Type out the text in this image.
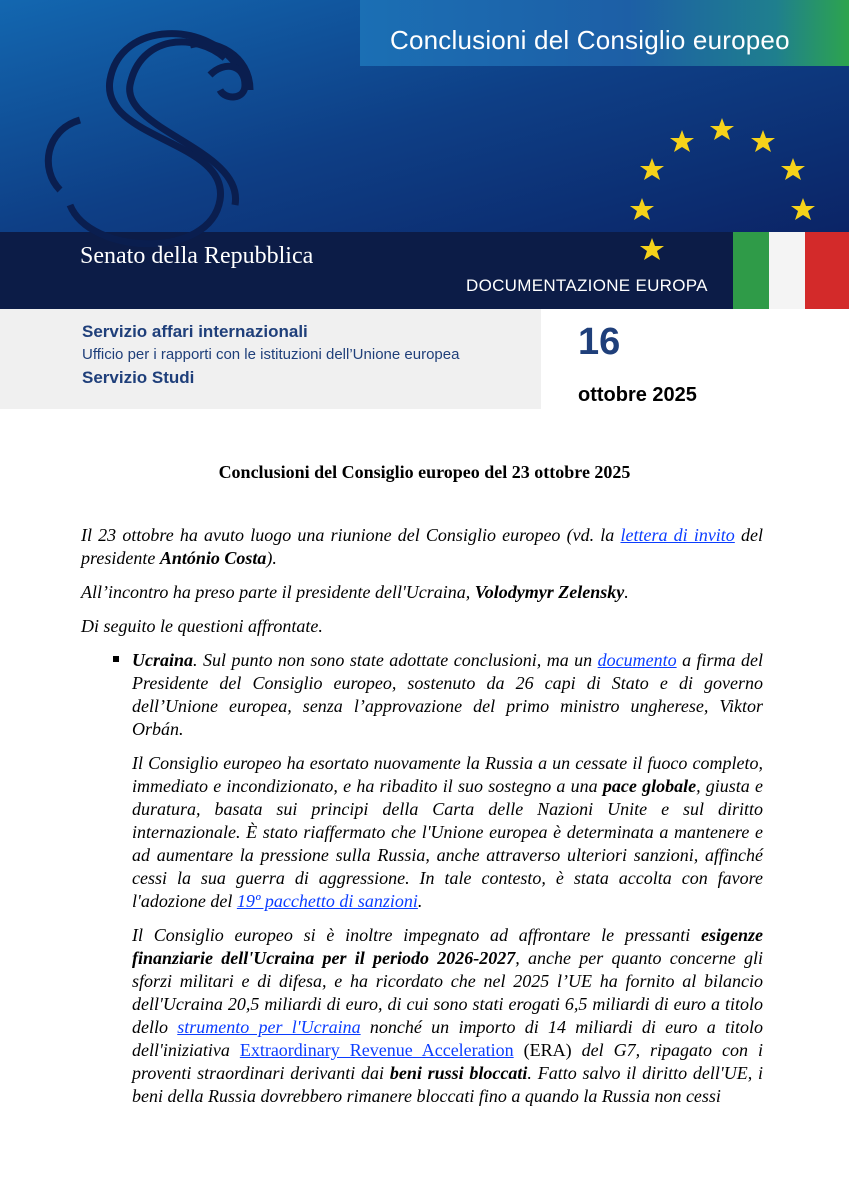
Conclusioni del Consiglio europeo
Senato della Repubblica
DOCUMENTAZIONE EUROPA
Servizio affari internazionali
Ufficio per i rapporti con le istituzioni dell’Unione europea
Servizio Studi
16
ottobre 2025
Conclusioni del Consiglio europeo del 23 ottobre 2025

Il 23 ottobre ha avuto luogo una riunione del Consiglio europeo (vd. la lettera di invito del presidente António Costa).

All’incontro ha preso parte il presidente dell'Ucraina, Volodymyr Zelensky.

Di seguito le questioni affrontate.

Ucraina. Sul punto non sono state adottate conclusioni, ma un documento a firma del Presidente del Consiglio europeo, sostenuto da 26 capi di Stato e di governo dell’Unione europea, senza l’approvazione del primo ministro ungherese, Viktor Orbán.

Il Consiglio europeo ha esortato nuovamente la Russia a un cessate il fuoco completo, immediato e incondizionato, e ha ribadito il suo sostegno a una pace globale, giusta e duratura, basata sui principi della Carta delle Nazioni Unite e sul diritto internazionale. È stato riaffermato che l'Unione europea è determinata a mantenere e ad aumentare la pressione sulla Russia, anche attraverso ulteriori sanzioni, affinché cessi la sua guerra di aggressione. In tale contesto, è stata accolta con favore l'adozione del 19º pacchetto di sanzioni.

Il Consiglio europeo si è inoltre impegnato ad affrontare le pressanti esigenze finanziarie dell'Ucraina per il periodo 2026-2027, anche per quanto concerne gli sforzi militari e di difesa, e ha ricordato che nel 2025 l’UE ha fornito al bilancio dell'Ucraina 20,5 miliardi di euro, di cui sono stati erogati 6,5 miliardi di euro a titolo dello strumento per l'Ucraina nonché un importo di 14 miliardi di euro a titolo dell'iniziativa Extraordinary Revenue Acceleration (ERA) del G7, ripagato con i proventi straordinari derivanti dai beni russi bloccati. Fatto salvo il diritto dell'UE, i beni della Russia dovrebbero rimanere bloccati fino a quando la Russia non cessi
